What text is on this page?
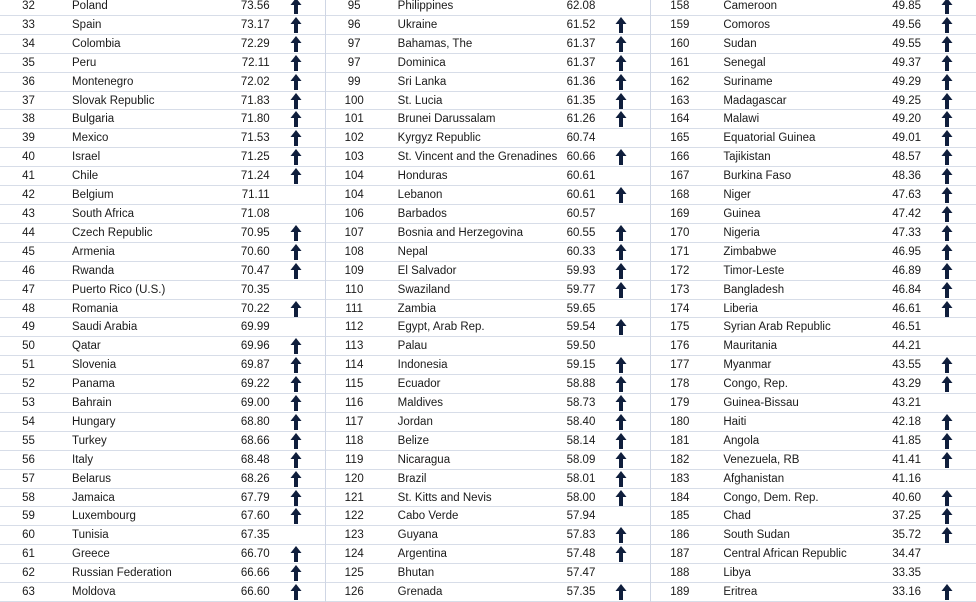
32	Poland	73.56
33	Spain	73.17
34	Colombia	72.29
35	Peru	72.11
36	Montenegro	72.02
37	Slovak Republic	71.83
38	Bulgaria	71.80
39	Mexico	71.53
40	Israel	71.25
41	Chile	71.24
42	Belgium	71.11
43	South Africa	71.08
44	Czech Republic	70.95
45	Armenia	70.60
46	Rwanda	70.47
47	Puerto Rico (U.S.)	70.35
48	Romania	70.22
49	Saudi Arabia	69.99
50	Qatar	69.96
51	Slovenia	69.87
52	Panama	69.22
53	Bahrain	69.00
54	Hungary	68.80
55	Turkey	68.66
56	Italy	68.48
57	Belarus	68.26
58	Jamaica	67.79
59	Luxembourg	67.60
60	Tunisia	67.35
61	Greece	66.70
62	Russian Federation	66.66
63	Moldova	66.60
95	Philippines	62.08
96	Ukraine	61.52
97	Bahamas, The	61.37
97	Dominica	61.37
99	Sri Lanka	61.36
100	St. Lucia	61.35
101	Brunei Darussalam	61.26
102	Kyrgyz Republic	60.74
103	St. Vincent and the Grenadines 60.66
104	Honduras	60.61
104	Lebanon	60.61
106	Barbados	60.57
107	Bosnia and Herzegovina	60.55
108	Nepal	60.33
109	El Salvador	59.93
110	Swaziland	59.77
111	Zambia	59.65
112	Egypt, Arab Rep.	59.54
113	Palau	59.50
114	Indonesia	59.15
115	Ecuador	58.88
116	Maldives	58.73
117	Jordan	58.40
118	Belize	58.14
119	Nicaragua	58.09
120	Brazil	58.01
121	St. Kitts and Nevis	58.00
122	Cabo Verde	57.94
123	Guyana	57.83
124	Argentina	57.48
125	Bhutan	57.47
126	Grenada	57.35
158	Cameroon	49.85
159	Comoros	49.56
160	Sudan	49.55
161	Senegal	49.37
162	Suriname	49.29
163	Madagascar	49.25
164	Malawi	49.20
165	Equatorial Guinea	49.01
166	Tajikistan	48.57
167	Burkina Faso	48.36
168	Niger	47.63
169	Guinea	47.42
170	Nigeria	47.33
171	Zimbabwe	46.95
172	Timor-Leste	46.89
173	Bangladesh	46.84
174	Liberia	46.61
175	Syrian Arab Republic	46.51
176	Mauritania	44.21
177	Myanmar	43.55
178	Congo, Rep.	43.29
179	Guinea-Bissau	43.21
180	Haiti	42.18
181	Angola	41.85
182	Venezuela, RB	41.41
183	Afghanistan	41.16
184	Congo, Dem. Rep.	40.60
185	Chad	37.25
186	South Sudan	35.72
187	Central African Republic	34.47
188	Libya	33.35
189	Eritrea	33.16
